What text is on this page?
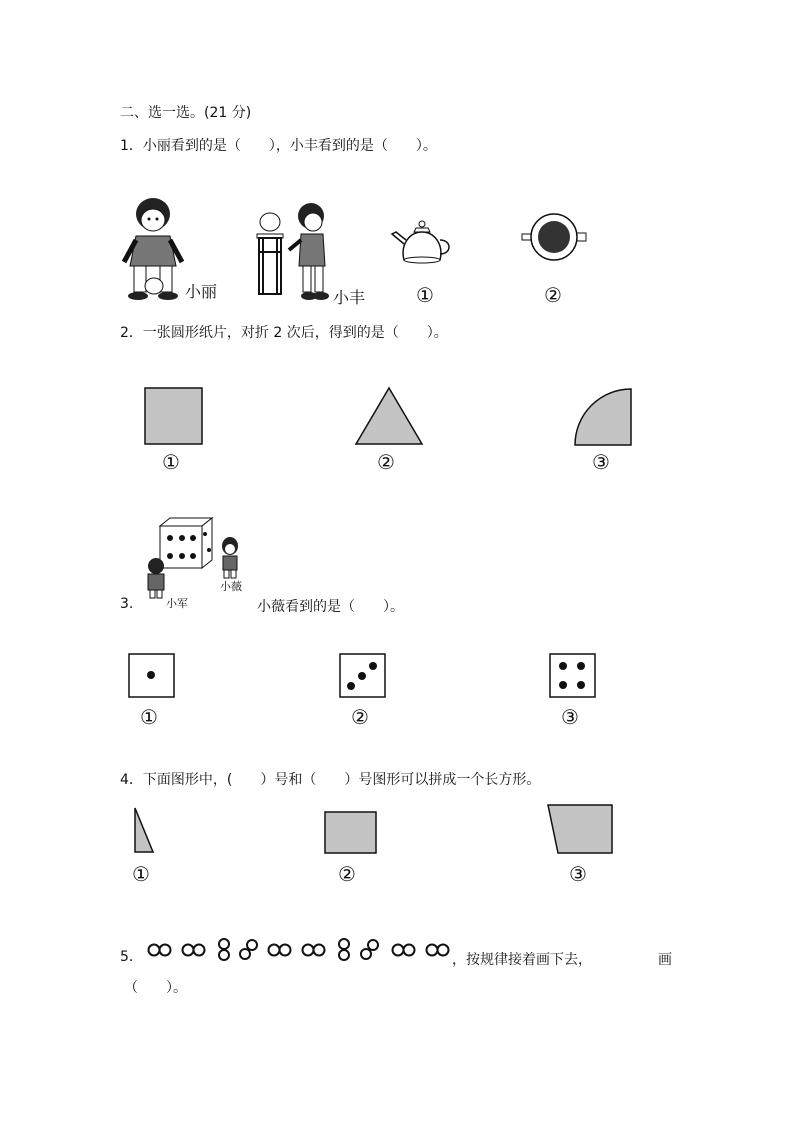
二、选一选。(21 分)
1．小丽看到的是（　　），小丰看到的是（　　）。
小丽	小丰	①	②
2．一张圆形纸片，对折 2 次后，得到的是（　　）。
①	②	③
小薇
小军
3.	小薇看到的是（　　）。
①	②	③
4．下面图形中，(　　）号和（　　）号图形可以拼成一个长方形。
①	②	③
5.	，按规律接着画下去，	画
（　　）。
